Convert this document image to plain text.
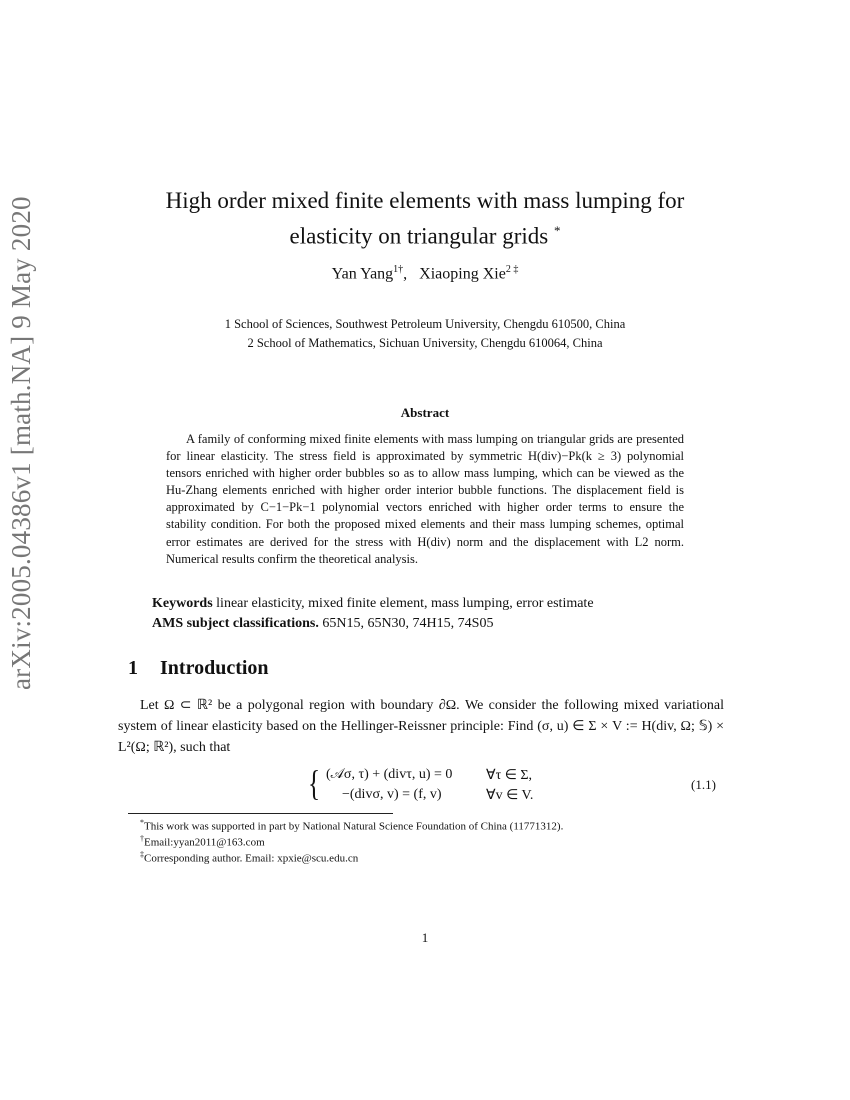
arXiv:2005.04386v1 [math.NA] 9 May 2020	High order mixed finite elements with mass lumping for
elasticity on triangular grids *
Yan Yang$^{1\dagger}$, Xiaoping Xie$^{2 \ddagger}$
1 School of Sciences, Southwest Petroleum University, Chengdu 610500, China
2 School of Mathematics, Sichuan University, Chengdu 610064, China
Abstract

A family of conforming mixed finite elements with mass lumping on triangular grids are presented for linear elasticity. The stress field is approximated by symmetric H(div)−Pk(k ≥ 3) polynomial tensors enriched with higher order bubbles so as to allow mass lumping, which can be viewed as the Hu-Zhang elements enriched with higher order interior bubble functions. The displacement field is approximated by C−1−Pk−1 polynomial vectors enriched with higher order terms to ensure the stability condition. For both the proposed mixed elements and their mass lumping schemes, optimal error estimates are derived for the stress with H(div) norm and the displacement with L2 norm. Numerical results confirm the theoretical analysis.

Keywords linear elasticity, mixed finite element, mass lumping, error estimate
AMS subject classifications. 65N15, 65N30, 74H15, 74S05
1 Introduction

Let Ω ⊂ ℝ² be a polygonal region with boundary ∂Ω. We consider the following mixed variational system of linear elasticity based on the Hellinger-Reissner principle: Find (σ, u) ∈ Σ × V := H(div, Ω; 𝕊) × L²(Ω; ℝ²), such that

{ (𝒜σ, τ) + (divτ, u) = 0 ∀τ ∈ Σ,
−(divσ, v) = (f, v)	∀v ∈ V.
(1.1)
*This work was supported in part by National Natural Science Foundation of China (11771312).
†Email:yyan2011@163.com
‡Corresponding author. Email: xpxie@scu.edu.cn
1
